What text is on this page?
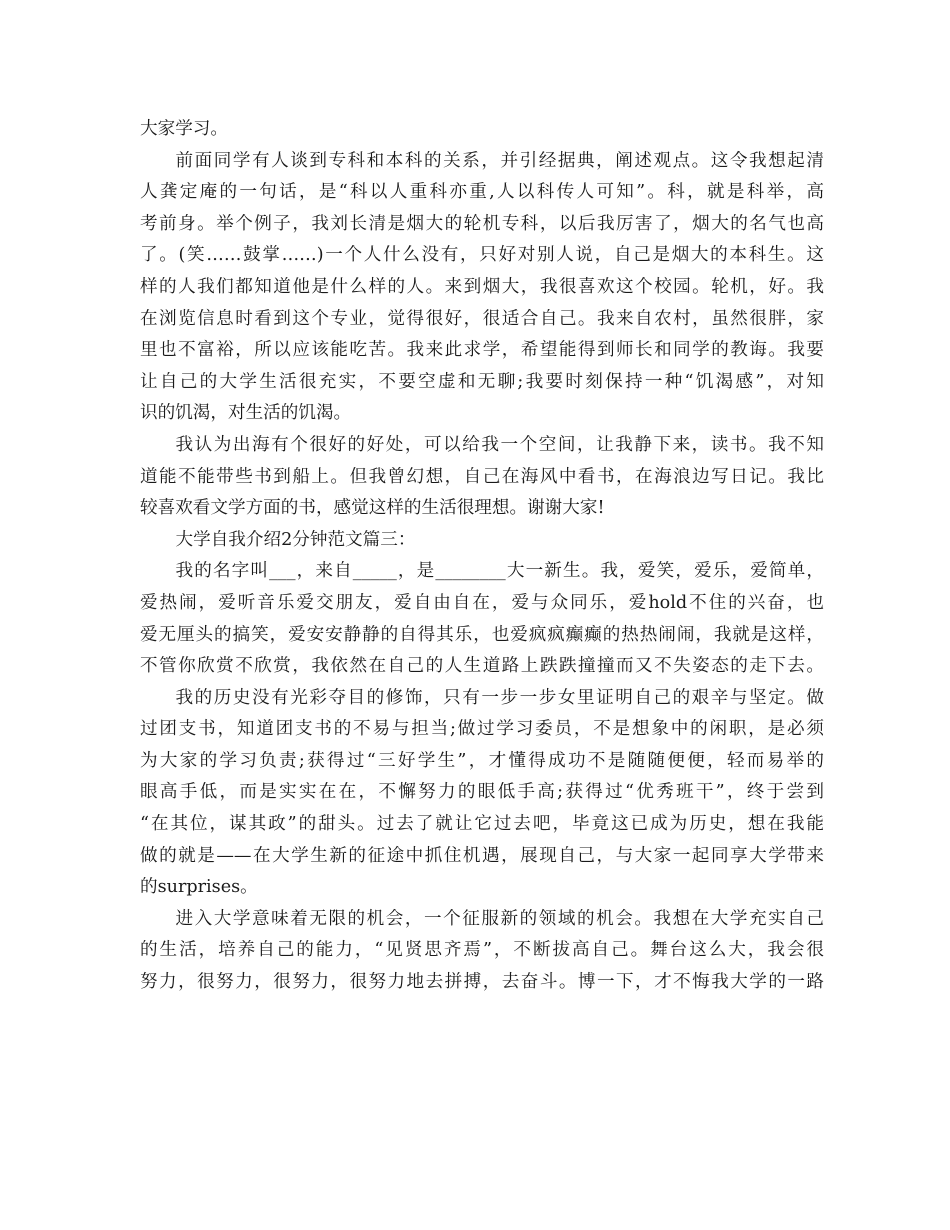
大家学习。
前面同学有人谈到专科和本科的关系，并引经据典，阐述观点。这令我想起清
人龚定庵的一句话，是“科以人重科亦重,人以科传人可知”。科，就是科举，高
考前身。举个例子，我刘长清是烟大的轮机专科，以后我厉害了，烟大的名气也高
了。(笑……鼓掌……)一个人什么没有，只好对别人说，自己是烟大的本科生。这
样的人我们都知道他是什么样的人。来到烟大，我很喜欢这个校园。轮机，好。我
在浏览信息时看到这个专业，觉得很好，很适合自己。我来自农村，虽然很胖，家
里也不富裕，所以应该能吃苦。我来此求学，希望能得到师长和同学的教诲。我要
让自己的大学生活很充实，不要空虚和无聊;我要时刻保持一种“饥渴感”，对知
识的饥渴，对生活的饥渴。
我认为出海有个很好的好处，可以给我一个空间，让我静下来，读书。我不知
道能不能带些书到船上。但我曾幻想，自己在海风中看书，在海浪边写日记。我比
较喜欢看文学方面的书，感觉这样的生活很理想。谢谢大家!
大学自我介绍2分钟范文篇三：
我的名字叫___，来自_____，是________大一新生。我，爱笑，爱乐，爱简单，
爱热闹，爱听音乐爱交朋友，爱自由自在，爱与众同乐，爱hold不住的兴奋，也
爱无厘头的搞笑，爱安安静静的自得其乐，也爱疯疯癫癫的热热闹闹，我就是这样，
不管你欣赏不欣赏，我依然在自己的人生道路上跌跌撞撞而又不失姿态的走下去。
我的历史没有光彩夺目的修饰，只有一步一步女里证明自己的艰辛与坚定。做
过团支书，知道团支书的不易与担当;做过学习委员，不是想象中的闲职，是必须
为大家的学习负责;获得过“三好学生”，才懂得成功不是随随便便，轻而易举的
眼高手低，而是实实在在，不懈努力的眼低手高;获得过“优秀班干”，终于尝到
“在其位，谋其政”的甜头。过去了就让它过去吧，毕竟这已成为历史，想在我能
做的就是——在大学生新的征途中抓住机遇，展现自己，与大家一起同享大学带来
的surprises。
进入大学意味着无限的机会，一个征服新的领域的机会。我想在大学充实自己
的生活，培养自己的能力，“见贤思齐焉”，不断拔高自己。舞台这么大，我会很
努力，很努力，很努力，很努力地去拼搏，去奋斗。博一下，才不悔我大学的一路
